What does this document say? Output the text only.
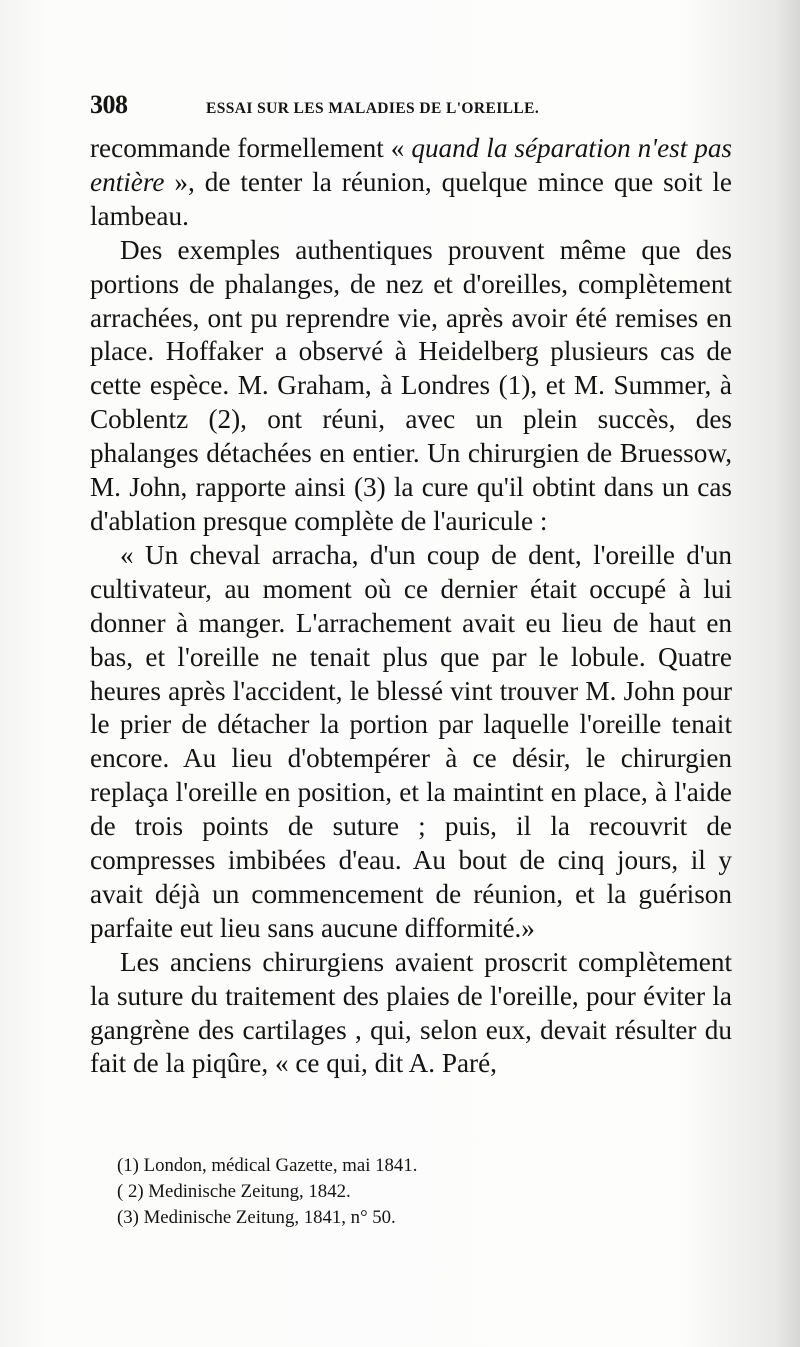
308	ESSAI SUR LES MALADIES DE L'OREILLE.

recommande formellement « quand la séparation n'est pas entière », de tenter la réunion, quelque mince que soit le lambeau.

Des exemples authentiques prouvent même que des portions de phalanges, de nez et d'oreilles, complètement arrachées, ont pu reprendre vie, après avoir été remises en place. Hoffaker a observé à Heidelberg plusieurs cas de cette espèce. M. Graham, à Londres (1), et M. Summer, à Coblentz (2), ont réuni, avec un plein succès, des phalanges détachées en entier. Un chirurgien de Bruessow, M. John, rapporte ainsi (3) la cure qu'il obtint dans un cas d'ablation presque complète de l'auricule :

« Un cheval arracha, d'un coup de dent, l'oreille d'un cultivateur, au moment où ce dernier était occupé à lui donner à manger. L'arrachement avait eu lieu de haut en bas, et l'oreille ne tenait plus que par le lobule. Quatre heures après l'accident, le blessé vint trouver M. John pour le prier de détacher la portion par laquelle l'oreille tenait encore. Au lieu d'obtempérer à ce désir, le chirurgien replaça l'oreille en position, et la maintint en place, à l'aide de trois points de suture ; puis, il la recouvrit de compresses imbibées d'eau. Au bout de cinq jours, il y avait déjà un commencement de réunion, et la guérison parfaite eut lieu sans aucune difformité.»

Les anciens chirurgiens avaient proscrit complètement la suture du traitement des plaies de l'oreille, pour éviter la gangrène des cartilages , qui, selon eux, devait résulter du fait de la piqûre, « ce qui, dit A. Paré,

(1) London, médical Gazette, mai 1841.
( 2) Medinische Zeitung, 1842.
(3) Medinische Zeitung, 1841, n° 50.
